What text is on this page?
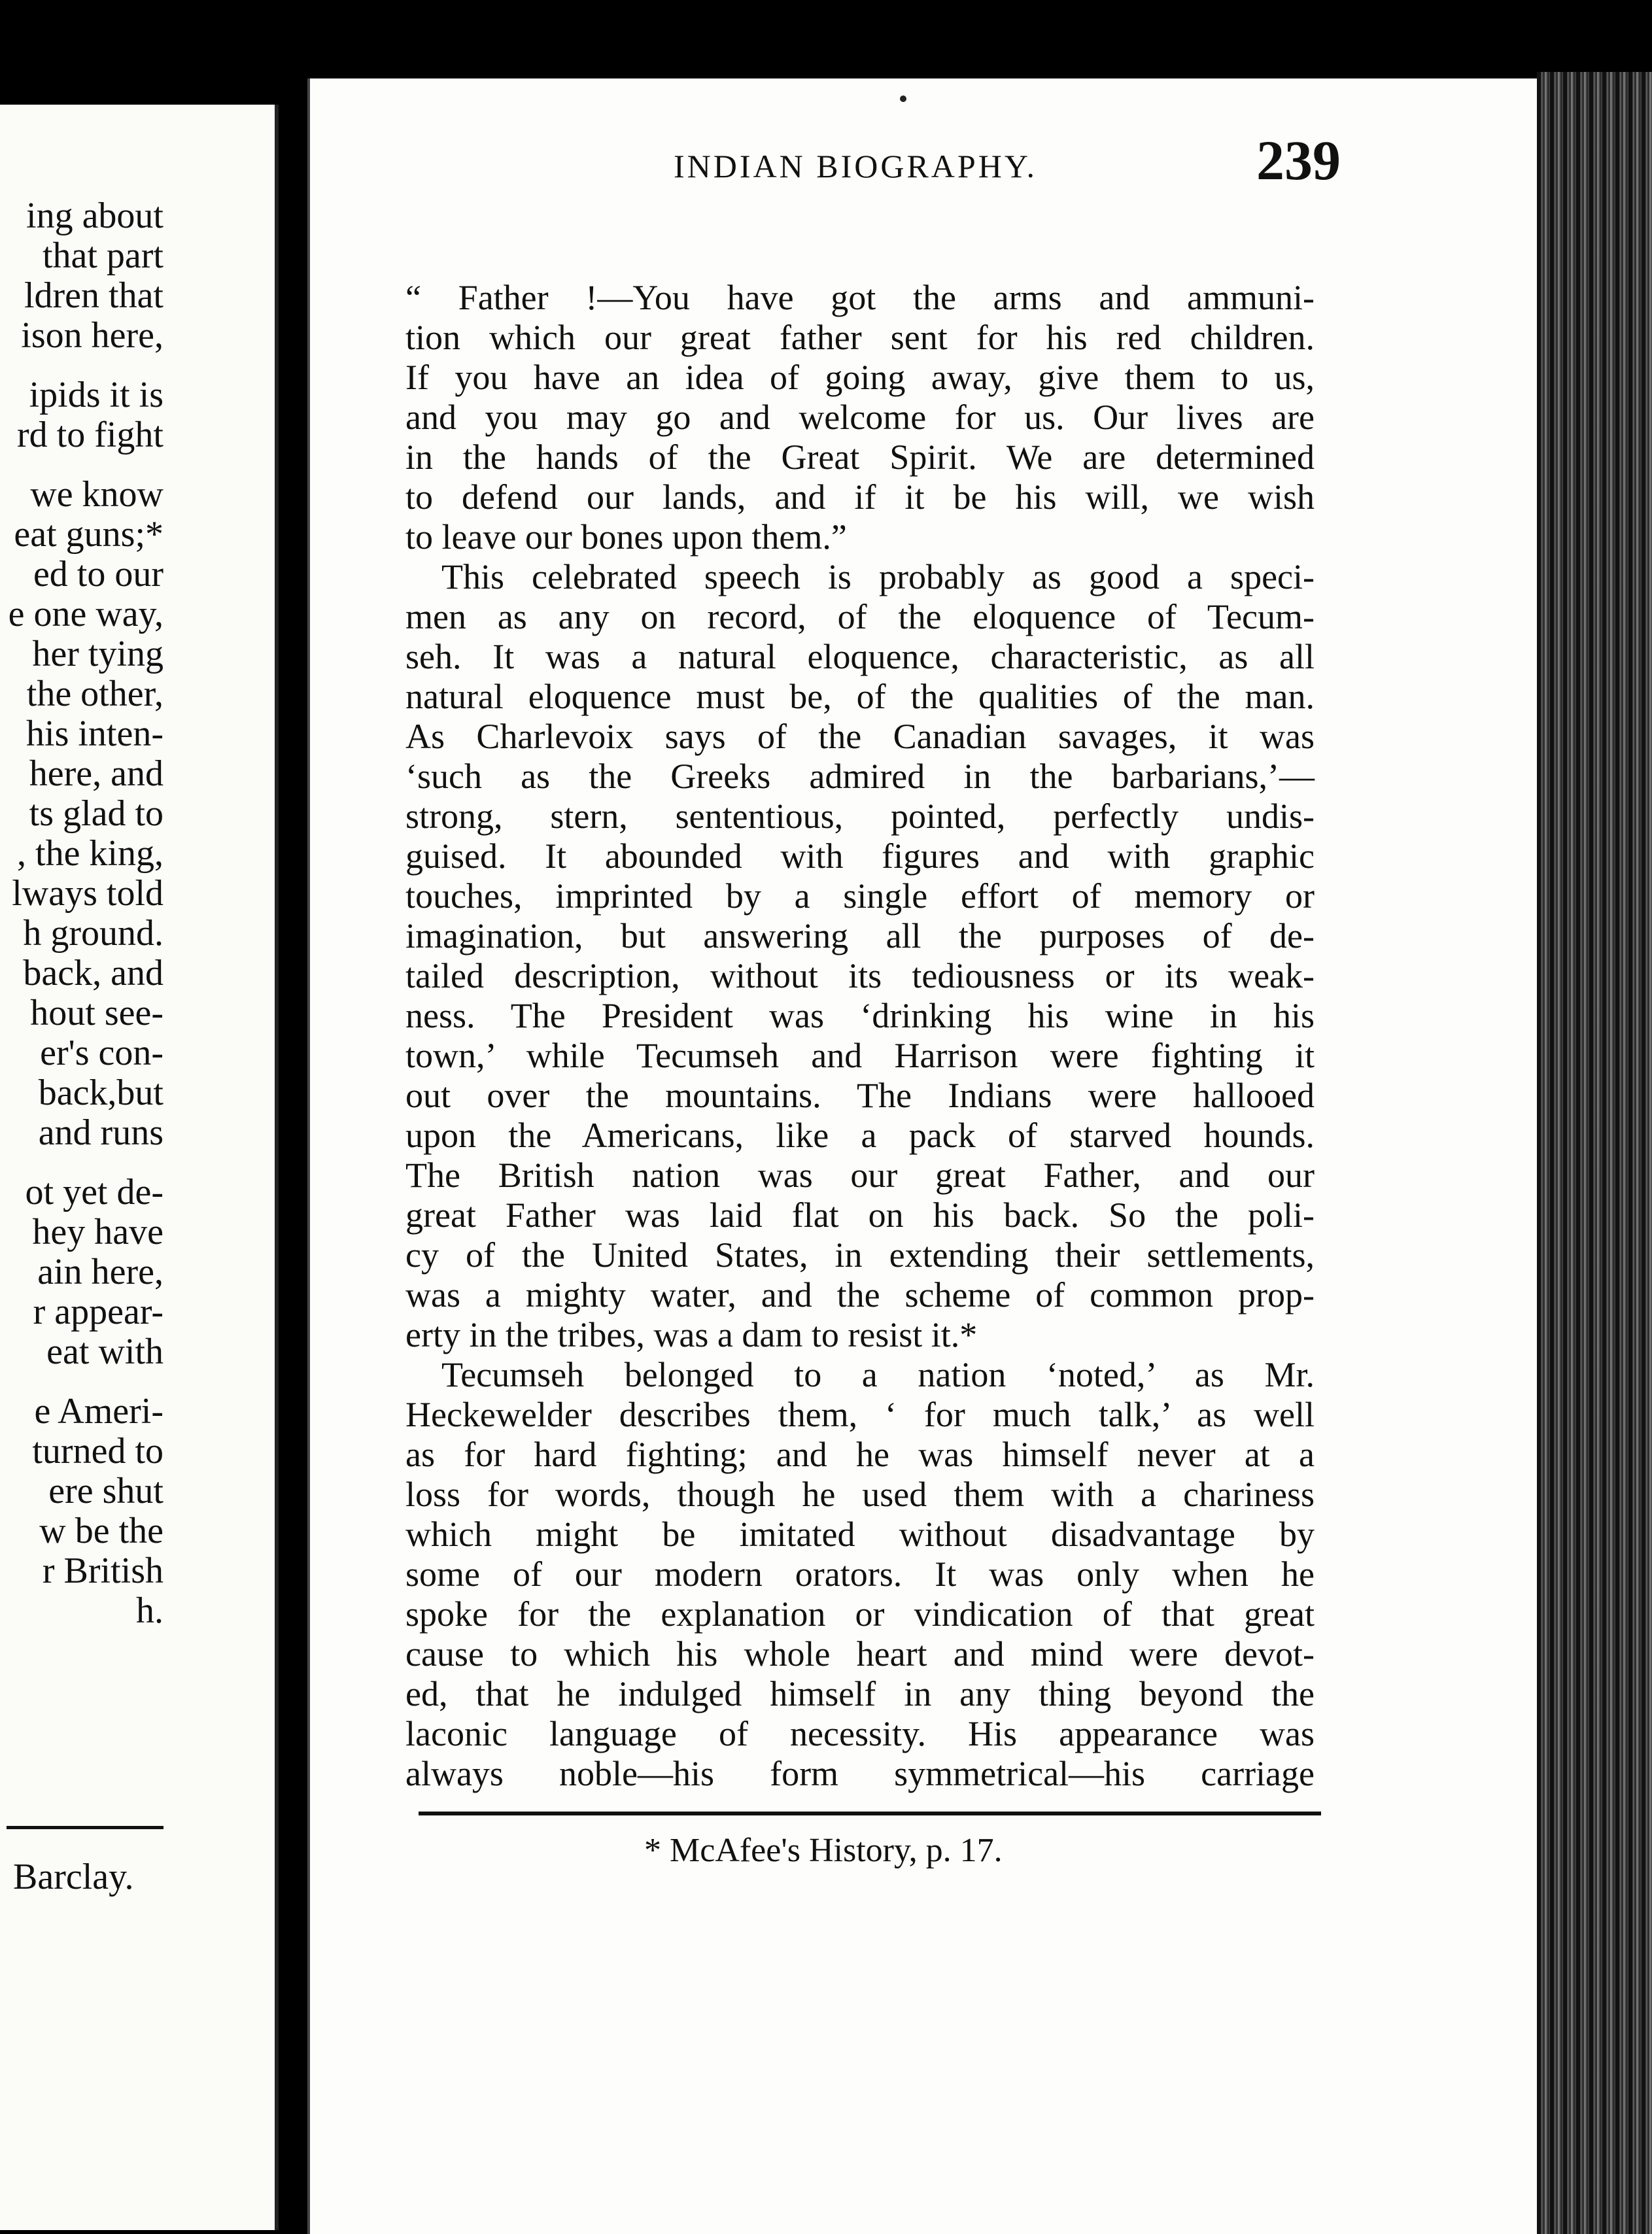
ing about
that part
ldren that
ison here,
ipids it is
rd to fight
we know
eat guns;*
ed to our
e one way,
her tying
the other,
his inten-
here, and
ts glad to
, the king,
lways told
h ground.
back, and
hout see-
er's con-
back,but
and runs
ot yet de-
hey have
ain here,
r appear-
eat with
e Ameri-
turned to
ere shut
w be the
r British
h.
Barclay.
INDIAN BIOGRAPHY.	239
“ Father !—You have got the arms and ammuni-
tion which our great father sent for his red children.
If you have an idea of going away, give them to us,
and you may go and welcome for us. Our lives are
in the hands of the Great Spirit. We are determined
to defend our lands, and if it be his will, we wish
to leave our bones upon them.”
This celebrated speech is probably as good a speci-
men as any on record, of the eloquence of Tecum-
seh. It was a natural eloquence, characteristic, as all
natural eloquence must be, of the qualities of the man.
As Charlevoix says of the Canadian savages, it was
‘such as the Greeks admired in the barbarians,’—
strong, stern, sententious, pointed, perfectly undis-
guised. It abounded with figures and with graphic
touches, imprinted by a single effort of memory or
imagination, but answering all the purposes of de-
tailed description, without its tediousness or its weak-
ness. The President was ‘drinking his wine in his
town,’ while Tecumseh and Harrison were fighting it
out over the mountains. The Indians were hallooed
upon the Americans, like a pack of starved hounds.
The British nation was our great Father, and our
great Father was laid flat on his back. So the poli-
cy of the United States, in extending their settlements,
was a mighty water, and the scheme of common prop-
erty in the tribes, was a dam to resist it.*
Tecumseh belonged to a nation ‘noted,’ as Mr.
Heckewelder describes them, ‘ for much talk,’ as well
as for hard fighting; and he was himself never at a
loss for words, though he used them with a chariness
which might be imitated without disadvantage by
some of our modern orators. It was only when he
spoke for the explanation or vindication of that great
cause to which his whole heart and mind were devot-
ed, that he indulged himself in any thing beyond the
laconic language of necessity. His appearance was
always noble—his form symmetrical—his carriage
* McAfee's History, p. 17.
